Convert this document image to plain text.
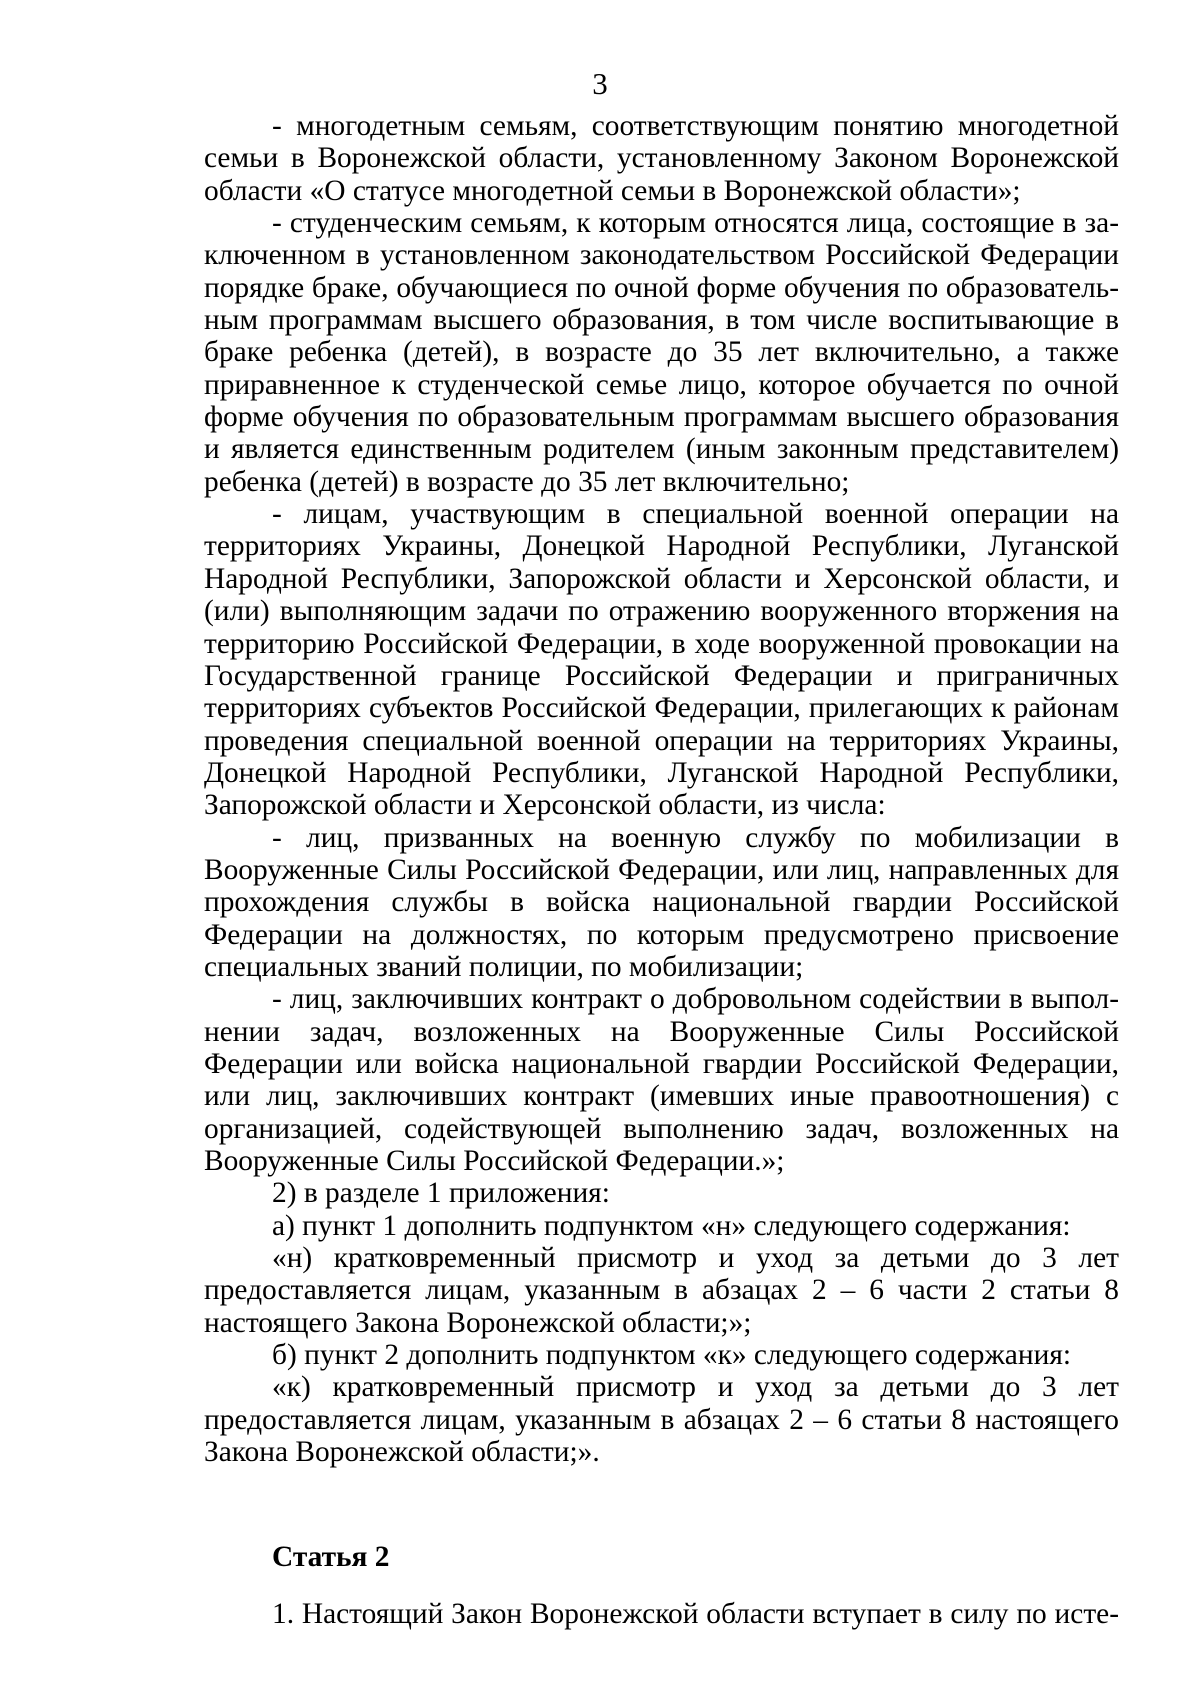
3

- многодетным семьям, соответствующим понятию многодетной семьи в Воронежской области, установленному Законом Воронежской области «О статусе многодетной семьи в Воронежской области»;

- студенческим семьям, к которым относятся лица, состоящие в заключенном в установленном законодательством Российской Федерации порядке браке, обучающиеся по очной форме обучения по образовательным программам высшего образования, в том числе воспитывающие в браке ребенка (детей), в возрасте до 35 лет включительно, а также приравненное к студенческой семье лицо, которое обучается по очной форме обучения по образовательным программам высшего образования и является единственным родителем (иным законным представителем) ребенка (детей) в возрасте до 35 лет включительно;

- лицам, участвующим в специальной военной операции на территориях Украины, Донецкой Народной Республики, Луганской Народной Республики, Запорожской области и Херсонской области, и (или) выполняющим задачи по отражению вооруженного вторжения на территорию Российской Федерации, в ходе вооруженной провокации на Государственной границе Российской Федерации и приграничных территориях субъектов Российской Федерации, прилегающих к районам проведения специальной военной операции на территориях Украины, Донецкой Народной Республики, Луганской Народной Республики, Запорожской области и Херсонской области, из числа:

- лиц, призванных на военную службу по мобилизации в Вооруженные Силы Российской Федерации, или лиц, направленных для прохождения службы в войска национальной гвардии Российской Федерации на должностях, по которым предусмотрено присвоение специальных званий полиции, по мобилизации;

- лиц, заключивших контракт о добровольном содействии в выполнении задач, возложенных на Вооруженные Силы Российской Федерации или войска национальной гвардии Российской Федерации, или лиц, заключивших контракт (имевших иные правоотношения) с организацией, содействующей выполнению задач, возложенных на Вооруженные Силы Российской Федерации.»;

2) в разделе 1 приложения:

а) пункт 1 дополнить подпунктом «н» следующего содержания:

«н) кратковременный присмотр и уход за детьми до 3 лет предоставляется лицам, указанным в абзацах 2 – 6 части 2 статьи 8 настоящего Закона Воронежской области;»;

б) пункт 2 дополнить подпунктом «к» следующего содержания:

«к) кратковременный присмотр и уход за детьми до 3 лет предоставляется лицам, указанным в абзацах 2 – 6 статьи 8 настоящего Закона Воронежской области;».

Статья 2

1. Настоящий Закон Воронежской области вступает в силу по исте-
